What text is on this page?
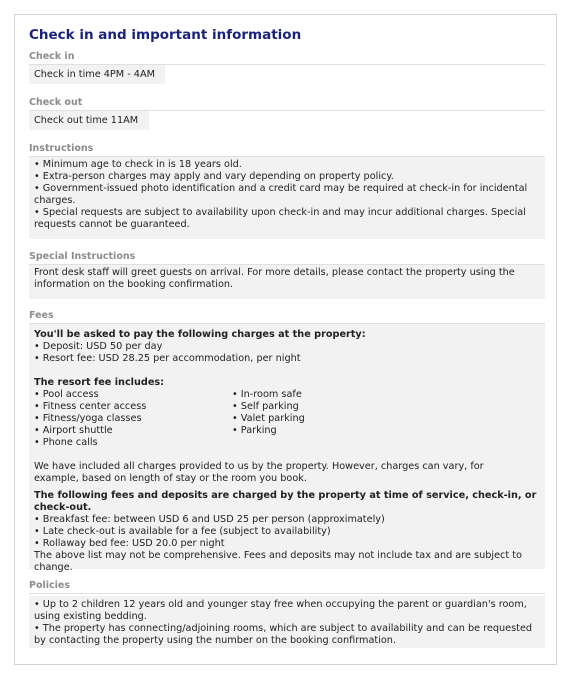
Check in and important information
Check in
Check in time 4PM - 4AM
Check out
Check out time 11AM
Instructions
• Minimum age to check in is 18 years old.
• Extra-person charges may apply and vary depending on property policy.
• Government-issued photo identification and a credit card may be required at check-in for incidental
charges.
• Special requests are subject to availability upon check-in and may incur additional charges. Special
requests cannot be guaranteed.
Special Instructions
Front desk staff will greet guests on arrival. For more details, please contact the property using the
information on the booking confirmation.
Fees
You'll be asked to pay the following charges at the property:
• Deposit: USD 50 per day
• Resort fee: USD 28.25 per accommodation, per night
The resort fee includes:
• Pool access
• Fitness center access
• Fitness/yoga classes
• Airport shuttle
• Phone calls
• In-room safe
• Self parking
• Valet parking
• Parking
We have included all charges provided to us by the property. However, charges can vary, for
example, based on length of stay or the room you book.
The following fees and deposits are charged by the property at time of service, check-in, or check-out.
• Breakfast fee: between USD 6 and USD 25 per person (approximately)
• Late check-out is available for a fee (subject to availability)
• Rollaway bed fee: USD 20.0 per night
The above list may not be comprehensive. Fees and deposits may not include tax and are subject to
change.
Policies
• Up to 2 children 12 years old and younger stay free when occupying the parent or guardian's room,
using existing bedding.
• The property has connecting/adjoining rooms, which are subject to availability and can be requested
by contacting the property using the number on the booking confirmation.
